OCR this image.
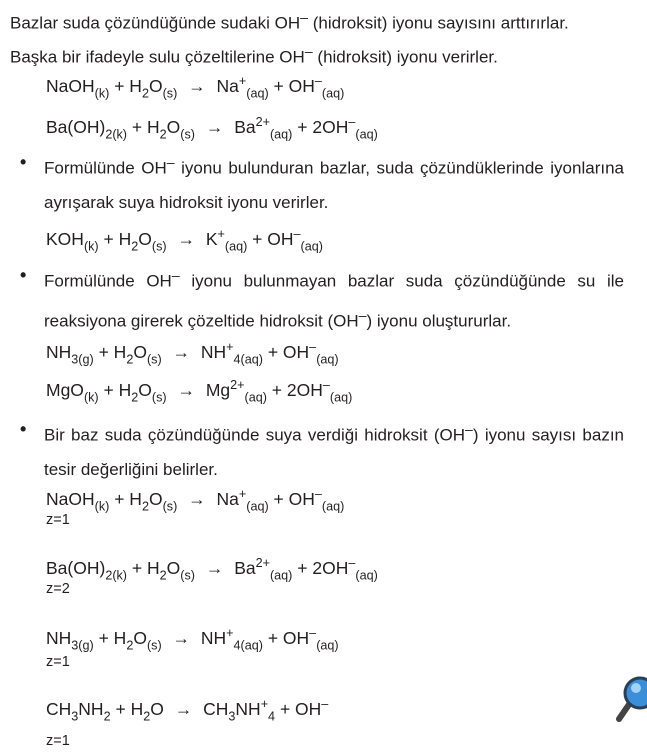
Bazlar suda çözündüğünde sudaki OH– (hidroksit) iyonu sayısını arttırırlar.
Başka bir ifadeyle sulu çözeltilerine OH– (hidroksit) iyonu verirler.
NaOH$_{(k)}$ + $H_2O_{(s)} \to Na^+_{(aq)} + OH^-_{(aq)}$
$Ba(OH)_{2(k)} + H_2O_{(s)} \to Ba^{2+}_{(aq)} + 2OH^-_{(aq)}$
• Formülünde OH– iyonu bulunduran bazlar, suda çözündüklerinde iyonlarına ayrışarak suya hidroksit iyonu verirler.
$KOH_{(k)} + H_2O_{(s)} \to K^+_{(aq)} + OH^-_{(aq)}$
• Formülünde OH– iyonu bulunmayan bazlar suda çözündüğünde su ile reaksiyona girerek çözeltide hidroksit (OH–) iyonu oluştururlar.
$NH_{3(g)} + H_2O_{(s)} \to NH^+_{4(aq)} + OH^-_{(aq)}$
$MgO_{(k)} + H_2O_{(s)} \to Mg^{2+}_{(aq)} + 2OH^-_{(aq)}$
• Bir baz suda çözündüğünde suya verdiği hidroksit (OH–) iyonu sayısı bazın tesir değerliğini belirler.
NaOH$_{(k)}$ + $H_2O_{(s)} \to Na^+_{(aq)} + OH^-_{(aq)}$
z=1
$Ba(OH)_{2(k)} + H_2O_{(s)} \to Ba^{2+}_{(aq)} + 2OH^-_{(aq)}$
z=2
$NH_{3(g)} + H_2O_{(s)} \to NH^+_{4(aq)} + OH^-_{(aq)}$
z=1
$CH_3NH_2 + H_2O \to CH_3NH^+_4 + OH^-$
z=1
